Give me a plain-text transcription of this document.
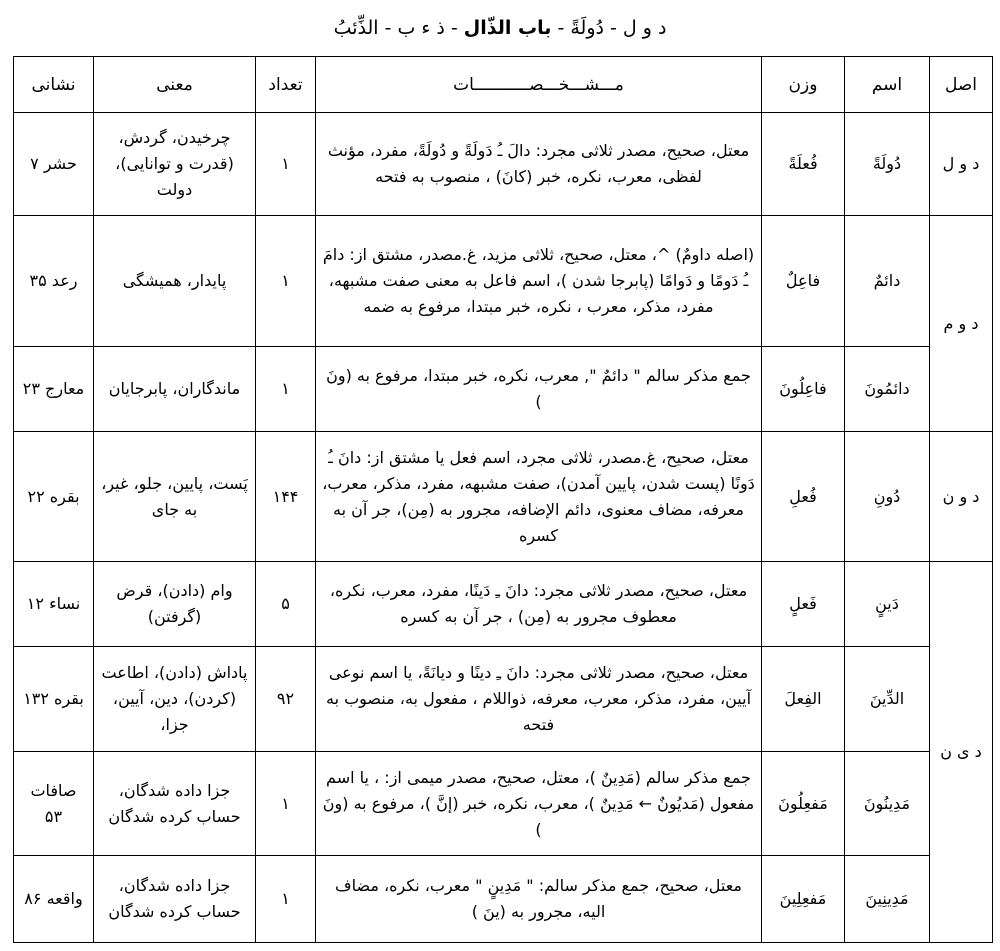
د و ل - دُولَةً - باب الذّال - ذ ء ب - الذِّئبُ
اصل	اسم	وزن	مـــشـــخـــصـــــــــــات	تعداد	معنی	نشانی
د و ل	دُولَةً	فُعلَةً	معتل، صحیح، مصدر ثلاثی مجرد: دالَ ـُ دَولَةً و دُولَةً، مفرد، مؤنث لفظی، معرب، نکره، خبر (کانَ) ، منصوب به فتحه	۱	چرخیدن، گردش، (قدرت و توانایی)، دولت	حشر ۷
د و م	دائمٌ	فاعِلٌ	(اصله داومٌ) ^، معتل، صحیح، ثلاثی مزید، غ.مصدر، مشتق از: دامَ ـُ دَومًا و دَوامًا (پابرجا شدن )، اسم فاعل به معنی صفت مشبهه، مفرد، مذکر، معرب ، نکره، خبر مبتدا، مرفوع به ضمه	۱	پایدار، همیشگی	رعد ۳۵
	دائمُونَ	فاعِلُونَ	جمع مذکر سالم " دائمٌ ", معرب، نکره، خبر مبتدا، مرفوع به (ونَ )	۱	ماندگاران، پابرجایان	معارج ۲۳
د و ن	دُونِ	فُعلِ	معتل، صحیح، غ.مصدر، ثلاثی مجرد، اسم فعل یا مشتق از: دانَ ـُ دَونًا (پست شدن، پایین آمدن)، صفت مشبهه، مفرد، مذکر، معرب، معرفه، مضاف معنوی، دائم الإضافه، مجرور به (مِن)، جر آن به کسره	۱۴۴	پَست، پایین، جلو، غیر، به جای	بقره ۲۲
د ی ن	دَینٍ	فَعلٍ	معتل، صحیح، مصدر ثلاثی مجرد: دانَ ـِ دَینًا، مفرد، معرب، نکره، معطوف مجرور به (مِن) ، جر آن به کسره	۵	وام (دادن)، قرض (گرفتن)	نساء ۱۲
	الدِّینَ	الفِعلَ	معتل، صحیح، مصدر ثلاثی مجرد: دانَ ـِ دینًا و دیانَةً، یا اسم نوعی آیین، مفرد، مذکر، معرب، معرفه، ذواللام ، مفعول به، منصوب به فتحه	۹۲	پاداش (دادن)، اطاعت (کردن)، دین، آیین، جزا،	بقره ۱۳۲
	مَدِینُونَ	مَفعِلُونَ	جمع مذکر سالم (مَدِینٌ )، معتل، صحیح، مصدر میمی از: ، یا اسم مفعول (مَدیُونٌ ← مَدِینٌ )، معرب، نکره، خبر (إنَّ )، مرفوع به (ونَ )	۱	جزا داده شدگان، حساب کرده شدگان	صافات ۵۳
	مَدِینِینَ	مَفعِلِینَ	معتل، صحیح، جمع مذکر سالم: " مَدِینٍ " معرب، نکره، مضاف الیه، مجرور به (ینَ )	۱	جزا داده شدگان، حساب کرده شدگان	واقعه ۸۶
